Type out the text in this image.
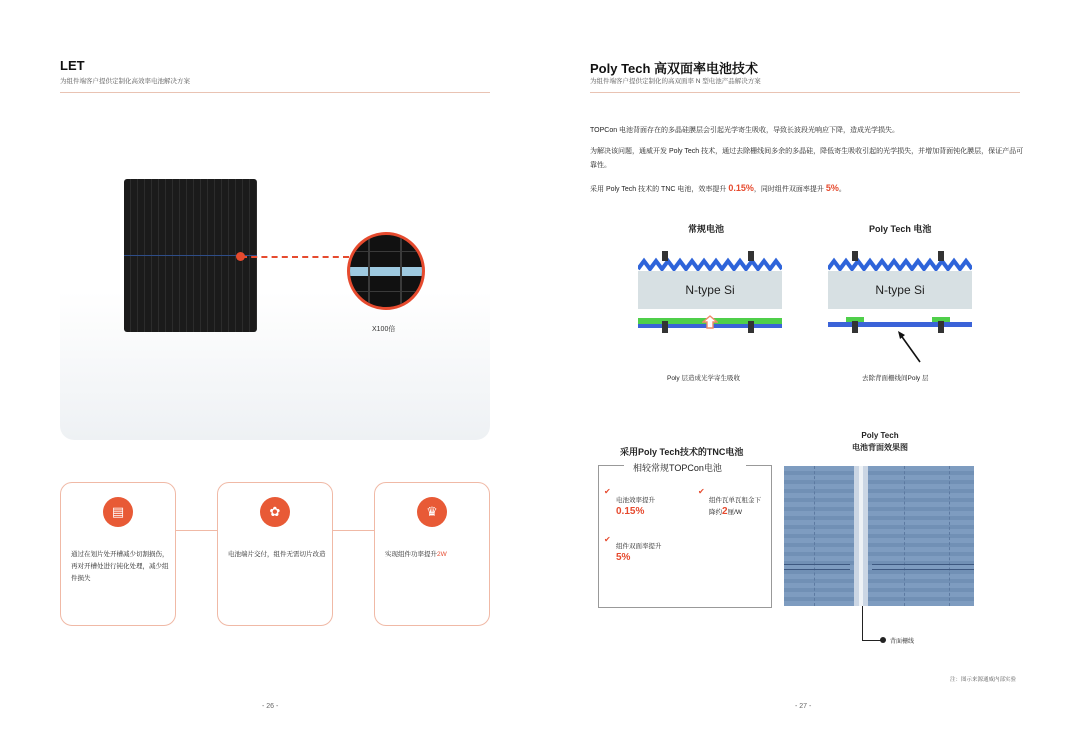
LET
为组件端客户提供定制化高效率电池解决方案
X100倍
▤
通过在划片处开槽减少切割损伤，再对开槽处进行钝化处理，减少组件损失
✿
电池端片交付，组件无需切片改造
♛
实现组件功率提升2W
- 26 -
Poly Tech 高双面率电池技术
为组件端客户提供定制化的高双面率 N 型电池产品解决方案
TOPCon 电池背面存在的多晶硅膜层会引起光学寄生吸收，导致长波段光响应下降，造成光学损失。
为解决该问题，通威开发 Poly Tech 技术，通过去除栅线间多余的多晶硅，降低寄生吸收引起的光学损失，并增加背面钝化膜层，保证产品可靠性。
采用 Poly Tech 技术的 TNC 电池，效率提升 0.15%，同时组件双面率提升 5%。
常规电池	Poly Tech 电池
N-type Si	N-type Si
Poly 层造成光学寄生吸收	去除背面栅线间Poly 层
采用Poly Tech技术的TNC电池
相较常规TOPCon电池
✔
电池效率提升
0.15%
✔
组件瓦单瓦租金下降约2厘/W
✔
组件双面率提升
5%
Poly Tech
电池背面效果图
背面栅线
注：图示来源通威内部实验
- 27 -
